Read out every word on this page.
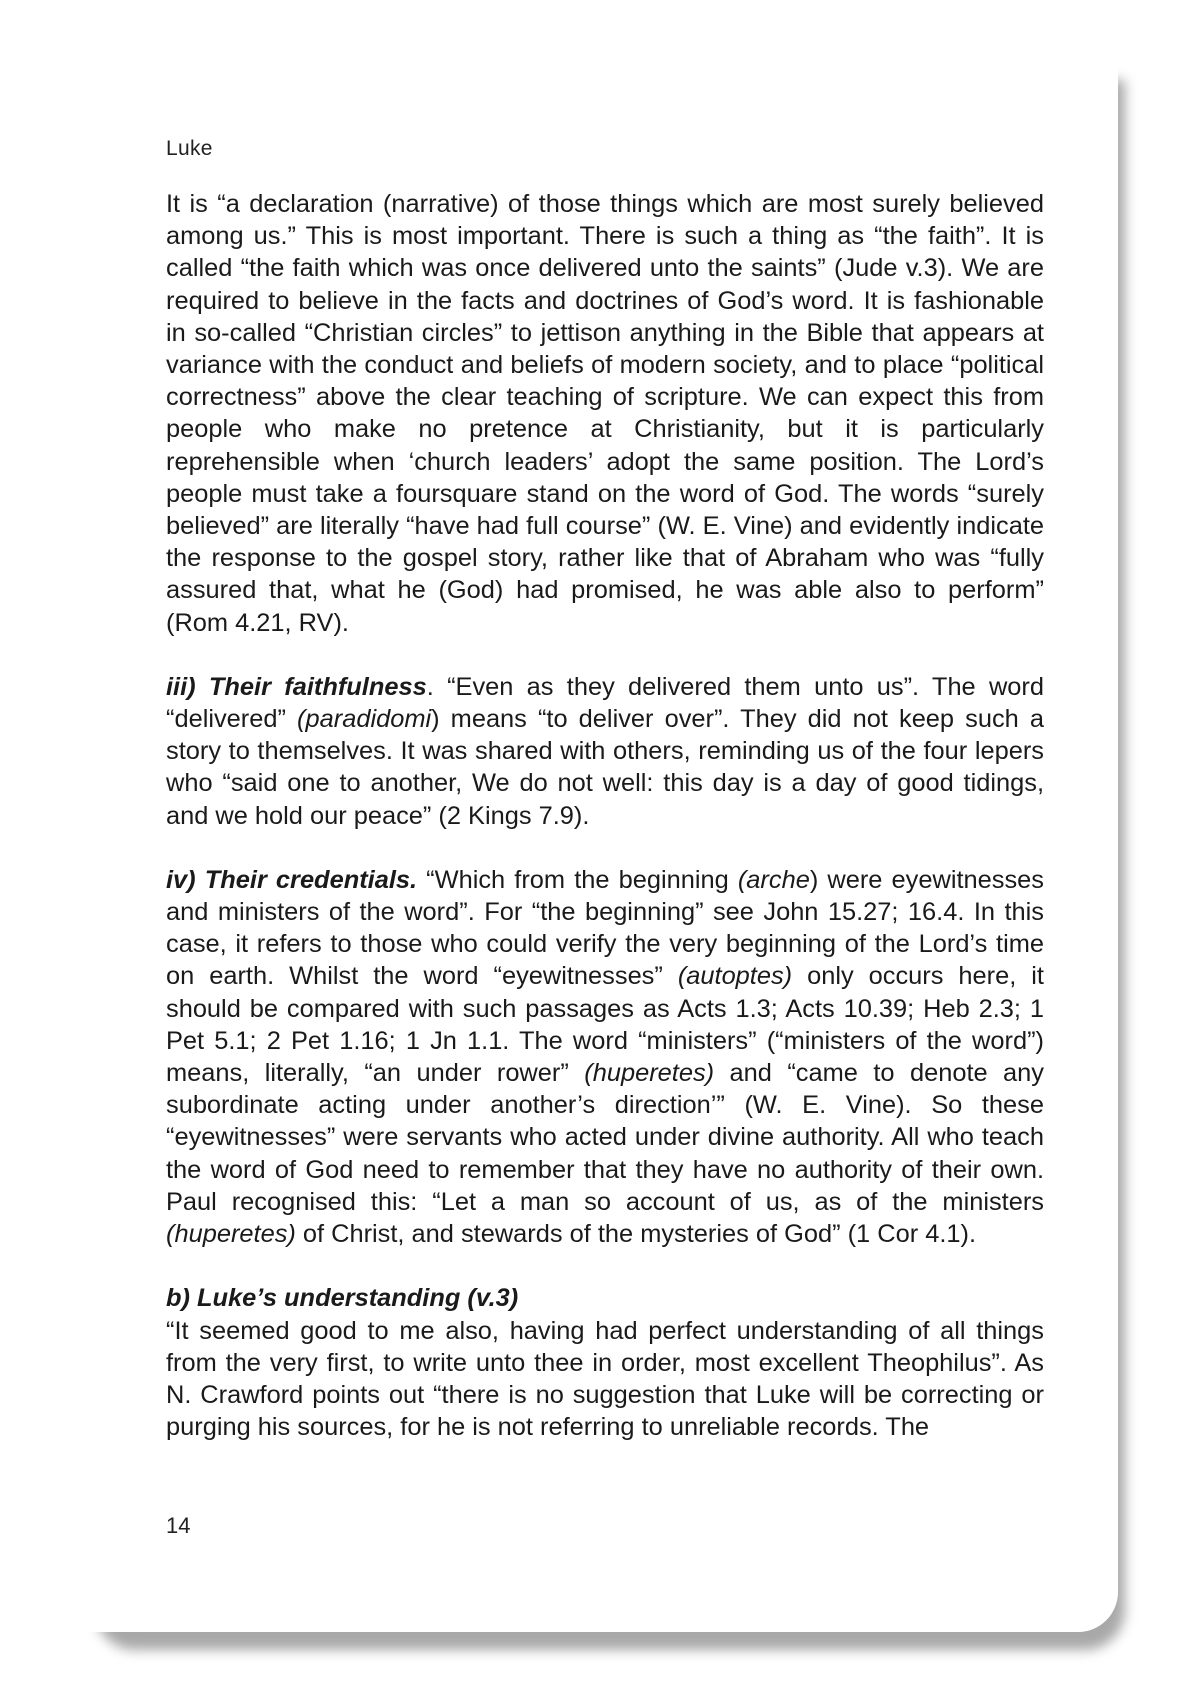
Luke

It is “a declaration (narrative) of those things which are most surely believed among us.” This is most important. There is such a thing as “the faith”. It is called “the faith which was once delivered unto the saints” (Jude v.3). We are required to believe in the facts and doctrines of God’s word. It is fashionable in so-called “Christian circles” to jettison anything in the Bible that appears at variance with the conduct and beliefs of modern society, and to place “political correctness” above the clear teaching of scripture. We can expect this from people who make no pretence at Christianity, but it is particularly reprehensible when ‘church leaders’ adopt the same position. The Lord’s people must take a foursquare stand on the word of God. The words “surely believed” are literally “have had full course” (W. E. Vine) and evidently indicate the response to the gospel story, rather like that of Abraham who was “fully assured that, what he (God) had promised, he was able also to perform” (Rom 4.21, RV).

iii) Their faithfulness. “Even as they delivered them unto us”. The word “delivered” (paradidomi) means “to deliver over”. They did not keep such a story to themselves. It was shared with others, reminding us of the four lepers who “said one to another, We do not well: this day is a day of good tidings, and we hold our peace” (2 Kings 7.9).

iv) Their credentials. “Which from the beginning (arche) were eyewitnesses and ministers of the word”. For “the beginning” see John 15.27; 16.4. In this case, it refers to those who could verify the very beginning of the Lord’s time on earth. Whilst the word “eyewitnesses” (autoptes) only occurs here, it should be compared with such passages as Acts 1.3; Acts 10.39; Heb 2.3; 1 Pet 5.1; 2 Pet 1.16; 1 Jn 1.1. The word “ministers” (“ministers of the word”) means, literally, “an under rower” (huperetes) and “came to denote any subordinate acting under another’s direction’” (W. E. Vine). So these “eyewitnesses” were servants who acted under divine authority. All who teach the word of God need to remember that they have no authority of their own. Paul recognised this: “Let a man so account of us, as of the ministers (huperetes) of Christ, and stewards of the mysteries of God” (1 Cor 4.1).

b) Luke’s understanding (v.3)

“It seemed good to me also, having had perfect understanding of all things from the very first, to write unto thee in order, most excellent Theophilus”. As N. Crawford points out “there is no suggestion that Luke will be correcting or purging his sources, for he is not referring to unreliable records. The

14
